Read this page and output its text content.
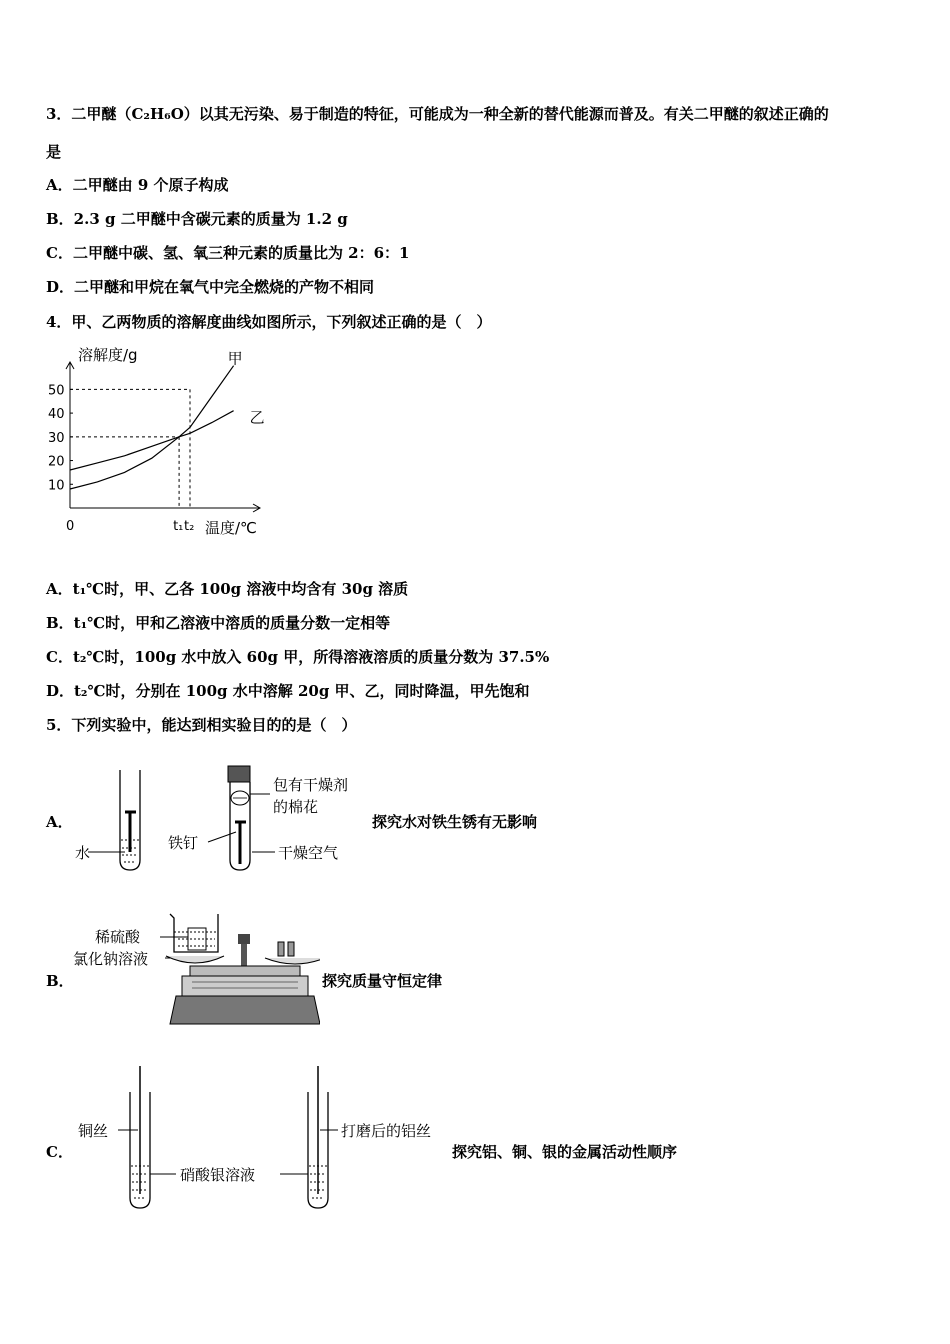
3．二甲醚（C₂H₆O）以其无污染、易于制造的特征，可能成为一种全新的替代能源而普及。有关二甲醚的叙述正确的
是
A．二甲醚由 9 个原子构成
B．2.3 g 二甲醚中含碳元素的质量为 1.2 g
C．二甲醚中碳、氢、氧三种元素的质量比为 2：6：1
D．二甲醚和甲烷在氧气中完全燃烧的产物不相同
4．甲、乙两物质的溶解度曲线如图所示，下列叙述正确的是（　）
溶解度/g
温度/℃
0
10
20
30
40
50
t₁ t₂
甲
乙
A．t₁℃时，甲、乙各 100g 溶液中均含有 30g 溶质
B．t₁℃时，甲和乙溶液中溶质的质量分数一定相等
C．t₂℃时，100g 水中放入 60g 甲，所得溶液溶质的质量分数为 37.5%
D．t₂℃时，分别在 100g 水中溶解 20g 甲、乙，同时降温，甲先饱和
5．下列实验中，能达到相实验目的的是（　）
A．
水
铁钉
包有干燥剂
的棉花
干燥空气
探究水对铁生锈有无影响
B．
稀硫酸
氯化钠溶液
探究质量守恒定律
C．
铜丝	打磨后的铝丝
硝酸银溶液
探究铝、铜、银的金属活动性顺序
